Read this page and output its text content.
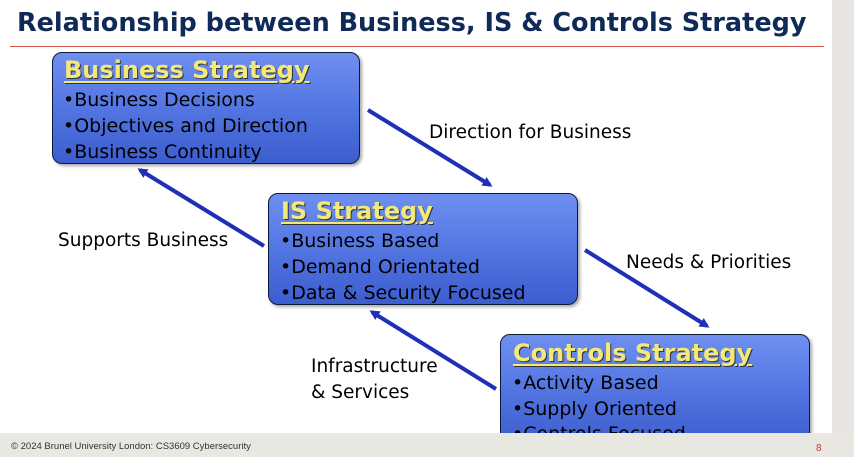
Relationship between Business, IS & Controls Strategy
Business Strategy
•Business Decisions
•Objectives and Direction
•Business Continuity
IS Strategy
•Business Based
•Demand Orientated
•Data & Security Focused
Controls Strategy
•Activity Based
•Supply Oriented
Direction for Business
Supports Business
Needs & Priorities
Infrastructure
& Services
© 2024 Brunel University London: CS3609 Cybersecurity	8
